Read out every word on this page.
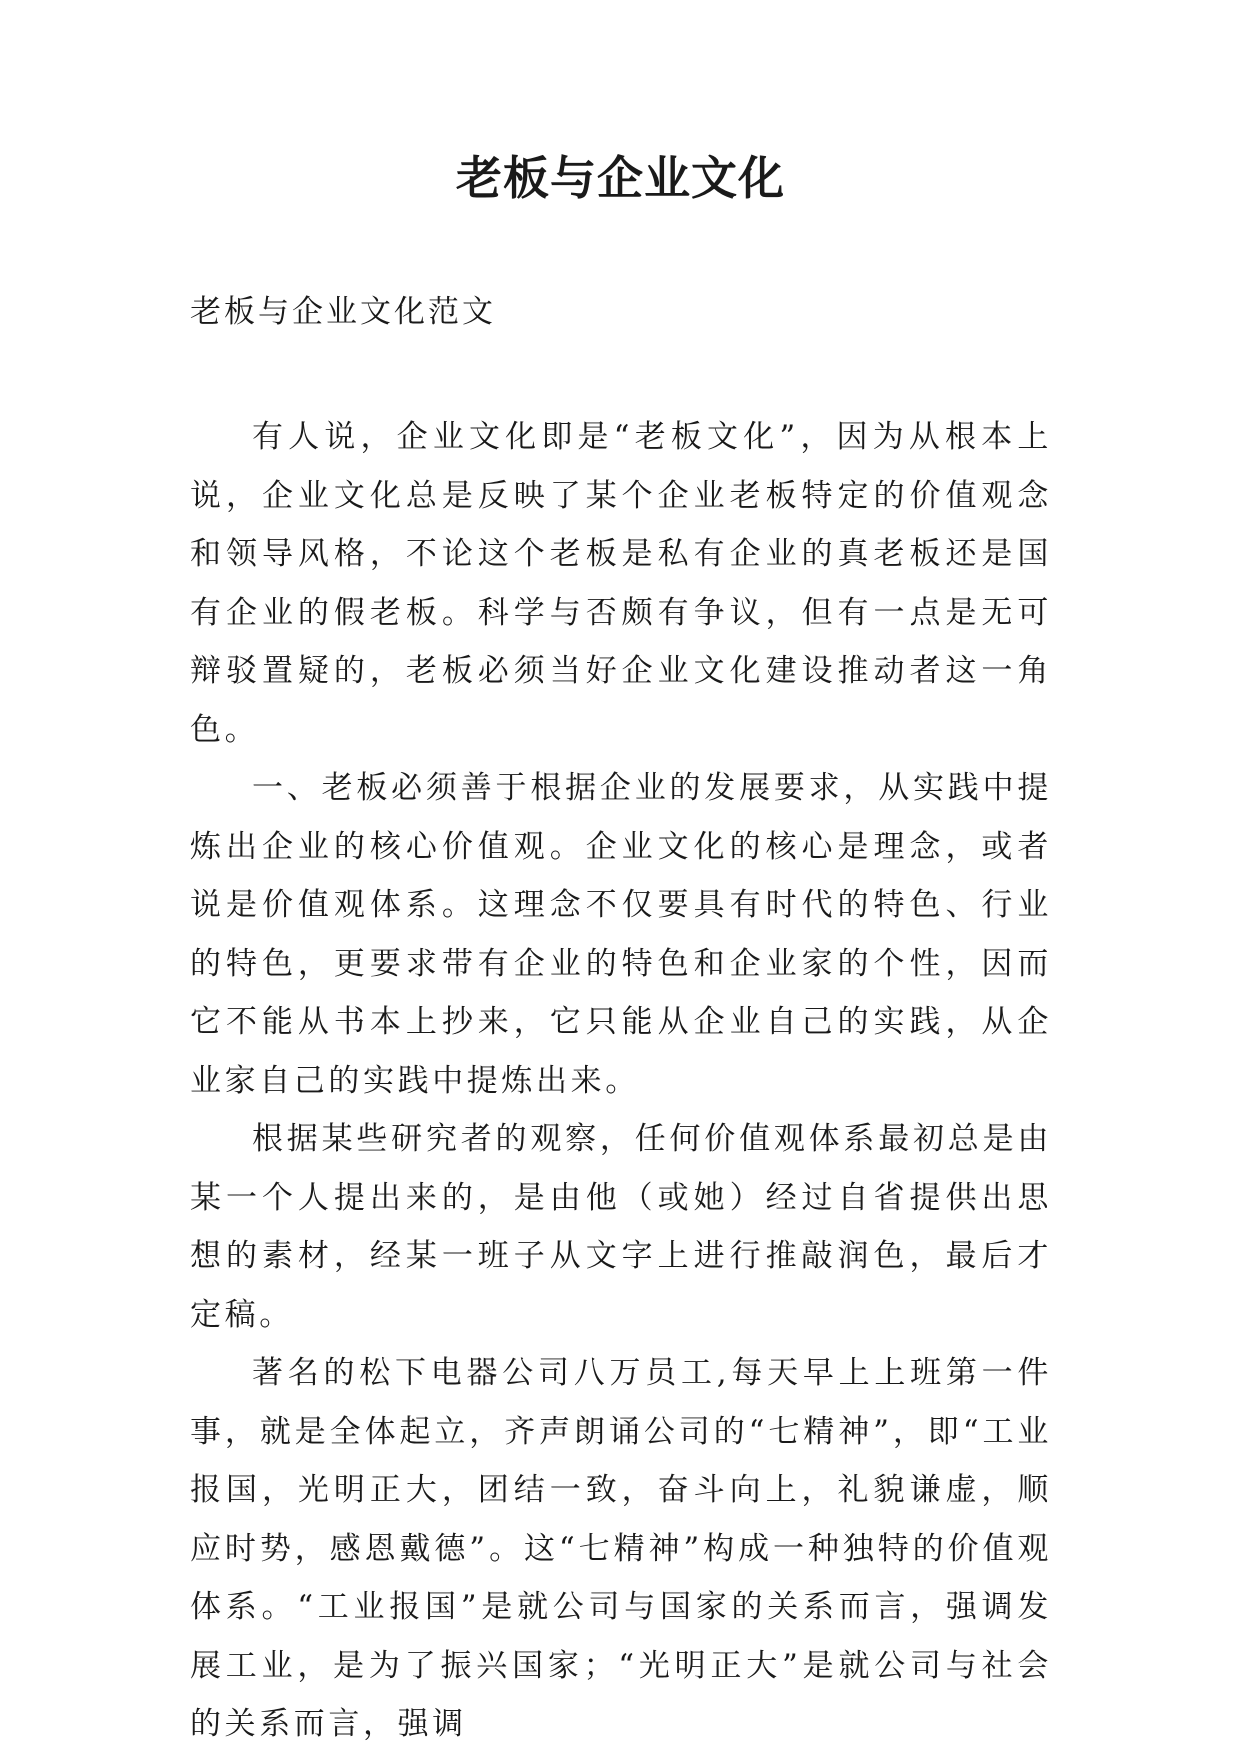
老板与企业文化
老板与企业文化范文

有人说，企业文化即是“老板文化”，因为从根本上说，企业文化总是反映了某个企业老板特定的价值观念和领导风格，不论这个老板是私有企业的真老板还是国有企业的假老板。科学与否颇有争议，但有一点是无可辩驳置疑的，老板必须当好企业文化建设推动者这一角色。

一、老板必须善于根据企业的发展要求，从实践中提炼出企业的核心价值观。企业文化的核心是理念，或者说是价值观体系。这理念不仅要具有时代的特色、行业的特色，更要求带有企业的特色和企业家的个性，因而它不能从书本上抄来，它只能从企业自己的实践，从企业家自己的实践中提炼出来。

根据某些研究者的观察，任何价值观体系最初总是由某一个人提出来的，是由他（或她）经过自省提供出思想的素材，经某一班子从文字上进行推敲润色，最后才定稿。

著名的松下电器公司八万员工,每天早上上班第一件事，就是全体起立，齐声朗诵公司的“七精神”，即“工业报国，光明正大，团结一致，奋斗向上，礼貌谦虚，顺应时势，感恩戴德”。这“七精神”构成一种独特的价值观体系。“工业报国”是就公司与国家的关系而言，强调发展工业，是为了振兴国家；“光明正大”是就公司与社会的关系而言，强调
